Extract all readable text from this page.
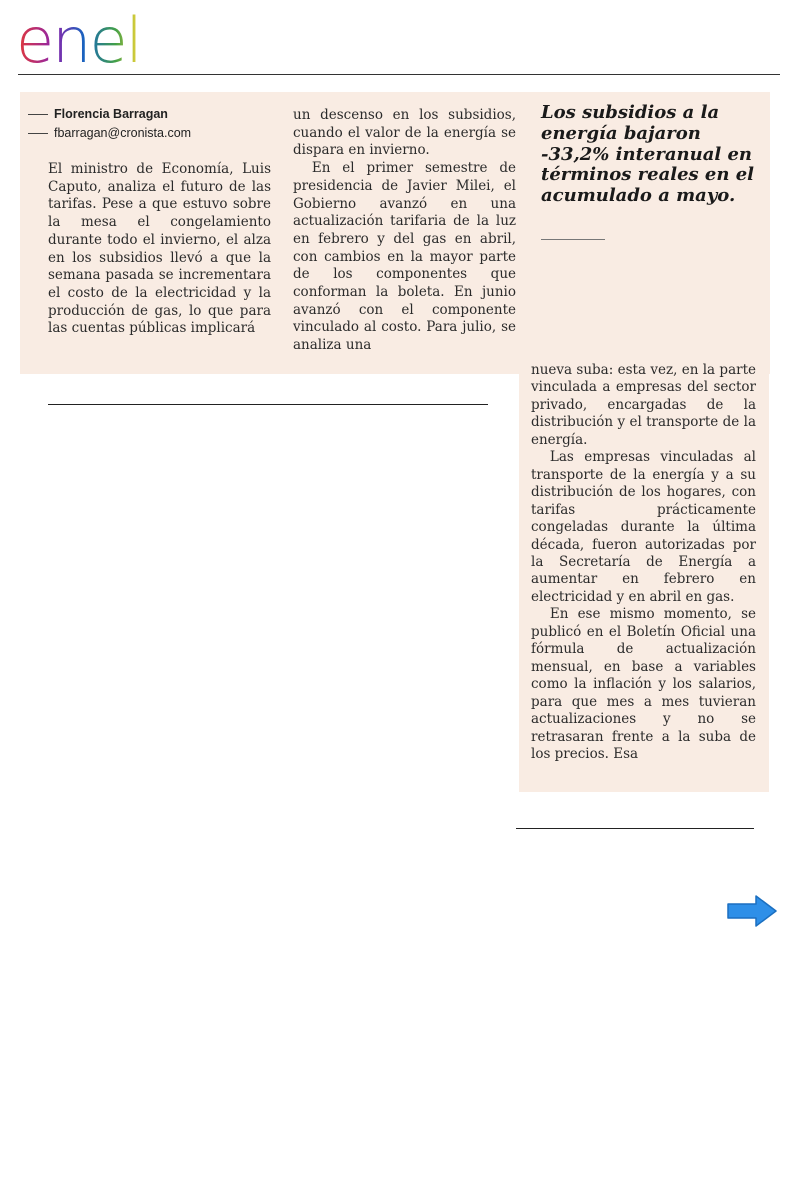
enel
Florencia Barragan
fbarragan@cronista.com

El ministro de Economía, Luis Caputo, analiza el futuro de las tarifas. Pese a que estuvo sobre la mesa el congelamiento durante todo el invierno, el alza en los subsidios llevó a que la semana pasada se incrementara el costo de la electricidad y la producción de gas, lo que para las cuentas públicas implicará

un descenso en los subsidios, cuando el valor de la energía se dispara en invierno.

En el primer semestre de presidencia de Javier Milei, el Gobierno avanzó en una actualización tarifaria de la luz en febrero y del gas en abril, con cambios en la mayor parte de los componentes que conforman la boleta. En junio avanzó con el componente vinculado al costo. Para julio, se analiza una

Los subsidios a la energía bajaron -33,2% interanual en términos reales en el acumulado a mayo.

nueva suba: esta vez, en la parte vinculada a empresas del sector privado, encargadas de la distribución y el transporte de la energía.

Las empresas vinculadas al transporte de la energía y a su distribución de los hogares, con tarifas prácticamente congeladas durante la última década, fueron autorizadas por la Secretaría de Energía a aumentar en febrero en electricidad y en abril en gas.

En ese mismo momento, se publicó en el Boletín Oficial una fórmula de actualización mensual, en base a variables como la inflación y los salarios, para que mes a mes tuvieran actualizaciones y no se retrasaran frente a la suba de los precios. Esa
